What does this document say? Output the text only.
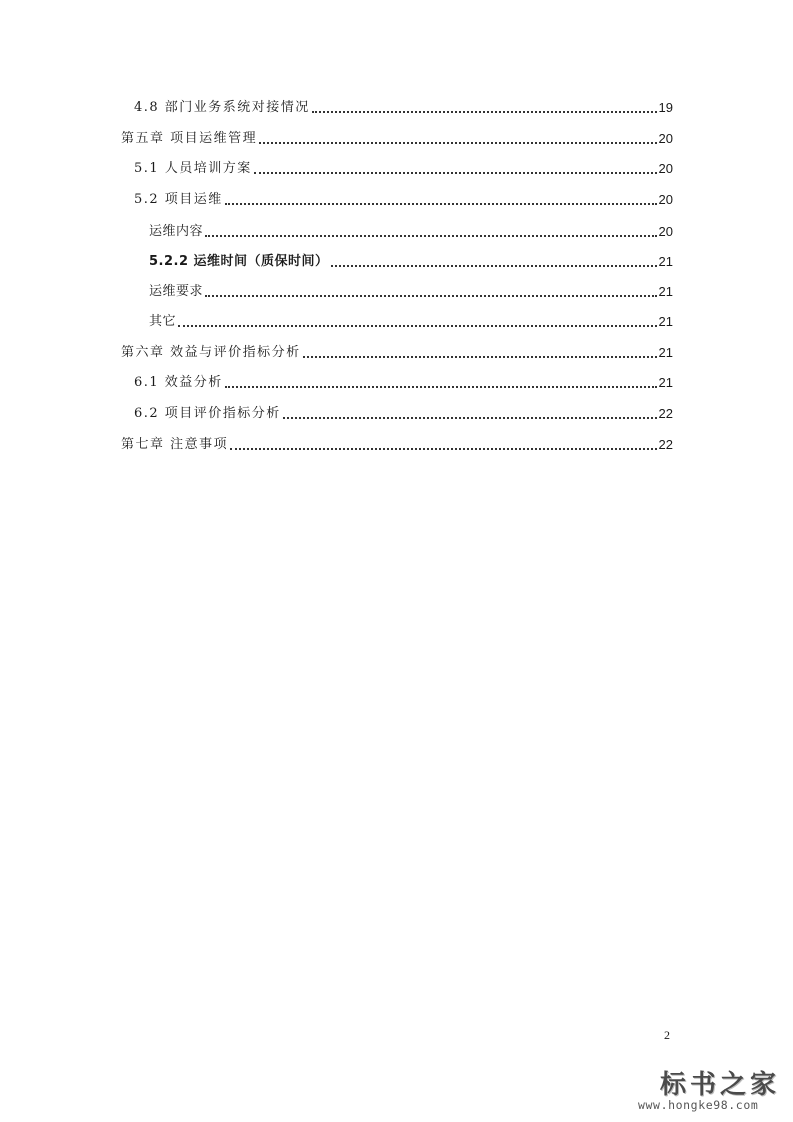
4.8 部门业务系统对接情况	19
第五章 项目运维管理	20
5.1 人员培训方案	20
5.2 项目运维	20
运维内容	20
5.2.2 运维时间（质保时间）	21
运维要求	21
其它	21
第六章 效益与评价指标分析	21
6.1 效益分析	21
6.2 项目评价指标分析	22
第七章 注意事项	22
2
标书之家
www.hongke98.com
